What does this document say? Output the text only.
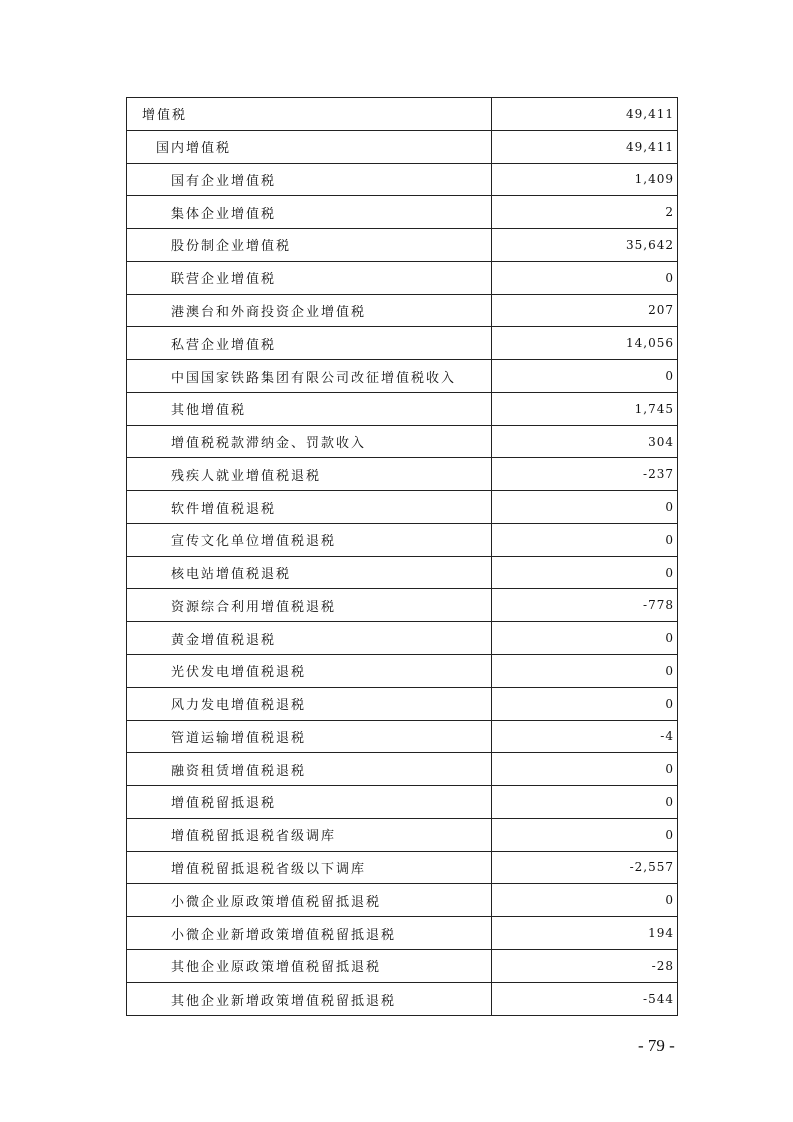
增值税	49,411
国内增值税	49,411
国有企业增值税	1,409
集体企业增值税	2
股份制企业增值税	35,642
联营企业增值税	0
港澳台和外商投资企业增值税	207
私营企业增值税	14,056
中国国家铁路集团有限公司改征增值税收入	0
其他增值税	1,745
增值税税款滞纳金、罚款收入	304
残疾人就业增值税退税	-237
软件增值税退税	0
宣传文化单位增值税退税	0
核电站增值税退税	0
资源综合利用增值税退税	-778
黄金增值税退税	0
光伏发电增值税退税	0
风力发电增值税退税	0
管道运输增值税退税	-4
融资租赁增值税退税	0
增值税留抵退税	0
增值税留抵退税省级调库	0
增值税留抵退税省级以下调库	-2,557
小微企业原政策增值税留抵退税	0
小微企业新增政策增值税留抵退税	194
其他企业原政策增值税留抵退税	-28
其他企业新增政策增值税留抵退税	-544
- 79 -
